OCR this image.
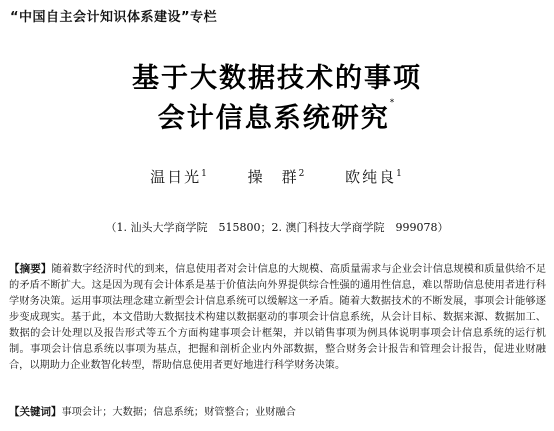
“中国自主会计知识体系建设”专栏
基于大数据技术的事项
会计信息系统研究*
温日光$^1$	操　群$^2$	欧纯良$^1$
（1. 汕头大学商学院　515800；2. 澳门科技大学商学院　999078）
【摘要】随着数字经济时代的到来，信息使用者对会计信息的大规模、高质量需求与企业会计信息规模和质量供给不足的矛盾不断扩大。这是因为现有会计体系是基于价值法向外界提供综合性强的通用性信息，难以帮助信息使用者进行科学财务决策。运用事项法理念建立新型会计信息系统可以缓解这一矛盾。随着大数据技术的不断发展，事项会计能够逐步变成现实。基于此，本文借助大数据技术构建以数据驱动的事项会计信息系统，从会计目标、数据来源、数据加工、数据的会计处理以及报告形式等五个方面构建事项会计框架，并以销售事项为例具体说明事项会计信息系统的运行机制。事项会计信息系统以事项为基点，把握和剖析企业内外部数据，整合财务会计报告和管理会计报告，促进业财融合，以期助力企业数智化转型，帮助信息使用者更好地进行科学财务决策。
【关键词】事项会计；大数据；信息系统；财管整合；业财融合
